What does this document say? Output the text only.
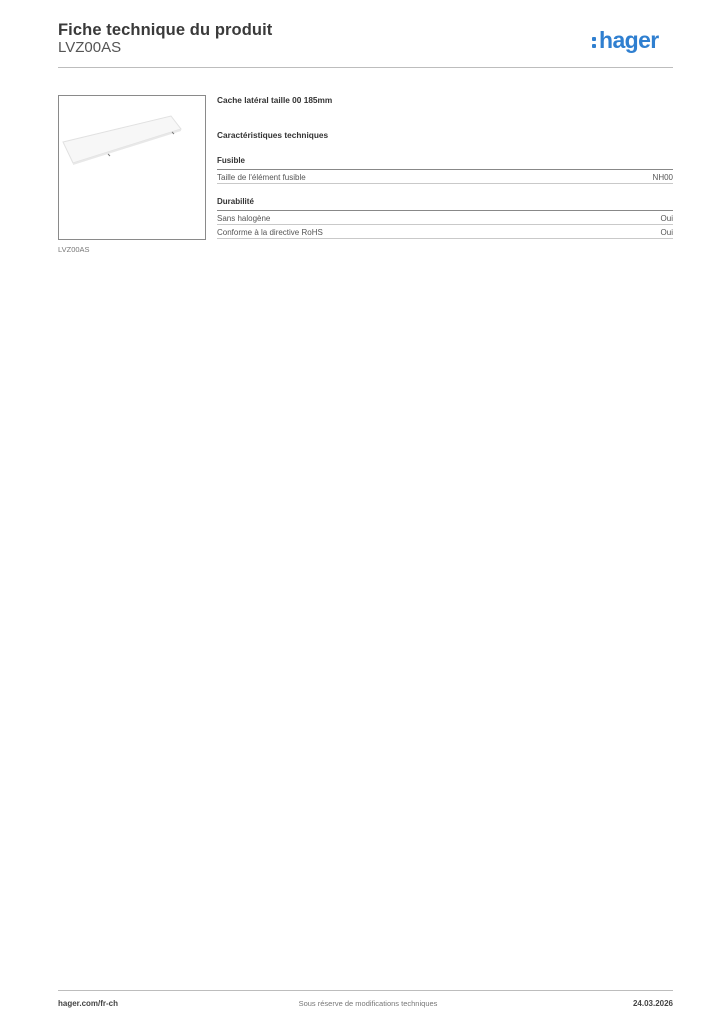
Fiche technique du produit
LVZ00AS	hager
LVZ00AS
Cache latéral taille 00 185mm
Caractéristiques techniques
Fusible
Taille de l'élément fusible	NH00
Durabilité
Sans halogène	Oui
Conforme à la directive RoHS	Oui
hager.com/fr-ch	Sous réserve de modifications techniques	24.03.2026
